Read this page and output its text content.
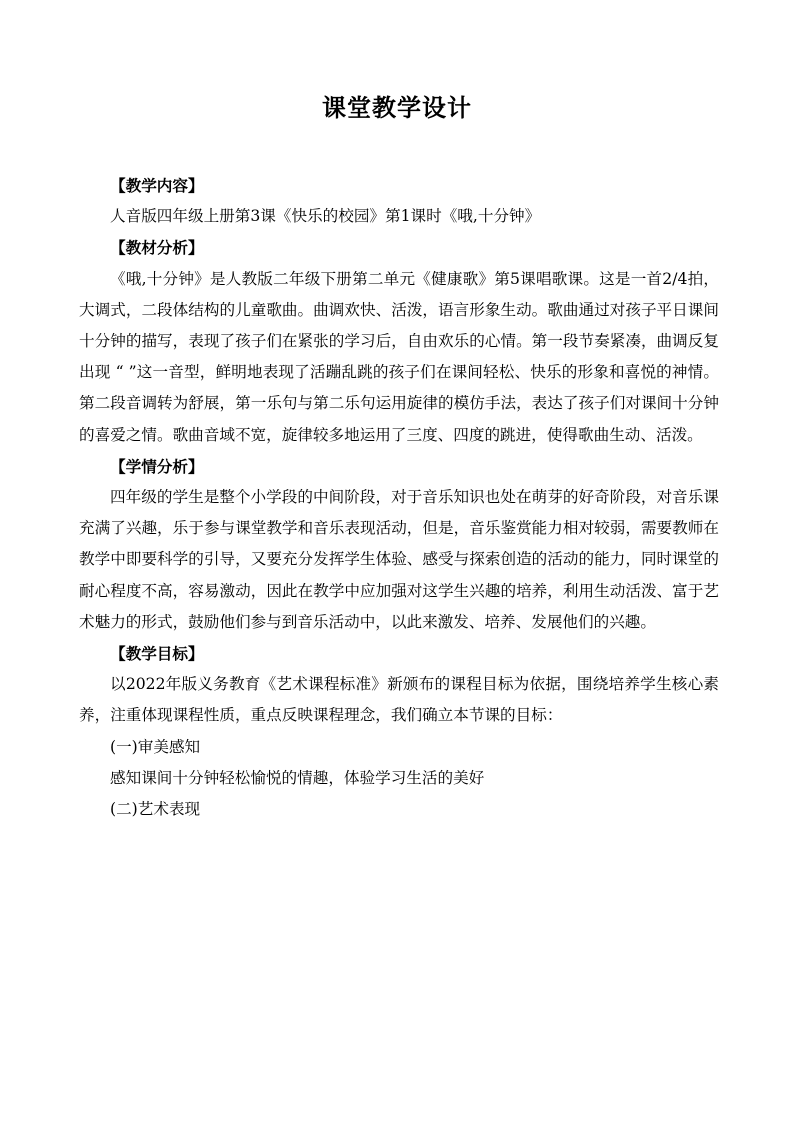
课堂教学设计

【教学内容】

人音版四年级上册第3课《快乐的校园》第1课时《哦,十分钟》

【教材分析】

《哦,十分钟》是人教版二年级下册第二单元《健康歌》第5课唱歌课。这是一首2/4拍，大调式，二段体结构的儿童歌曲。曲调欢快、活泼，语言形象生动。歌曲通过对孩子平日课间十分钟的描写，表现了孩子们在紧张的学习后，自由欢乐的心情。第一段节奏紧凑，曲调反复出现 “ ”这一音型，鲜明地表现了活蹦乱跳的孩子们在课间轻松、快乐的形象和喜悦的神情。第二段音调转为舒展，第一乐句与第二乐句运用旋律的模仿手法，表达了孩子们对课间十分钟的喜爱之情。歌曲音域不宽，旋律较多地运用了三度、四度的跳进，使得歌曲生动、活泼。

【学情分析】

四年级的学生是整个小学段的中间阶段，对于音乐知识也处在萌芽的好奇阶段，对音乐课充满了兴趣，乐于参与课堂教学和音乐表现活动，但是，音乐鉴赏能力相对较弱，需要教师在教学中即要科学的引导，又要充分发挥学生体验、感受与探索创造的活动的能力，同时课堂的耐心程度不高，容易激动，因此在教学中应加强对这学生兴趣的培养，利用生动活泼、富于艺术魅力的形式，鼓励他们参与到音乐活动中，以此来激发、培养、发展他们的兴趣。

【教学目标】

以2022年版义务教育《艺术课程标准》新颁布的课程目标为依据，围绕培养学生核心素养，注重体现课程性质，重点反映课程理念，我们确立本节课的目标：

(一)审美感知

感知课间十分钟轻松愉悦的情趣，体验学习生活的美好

(二)艺术表现
